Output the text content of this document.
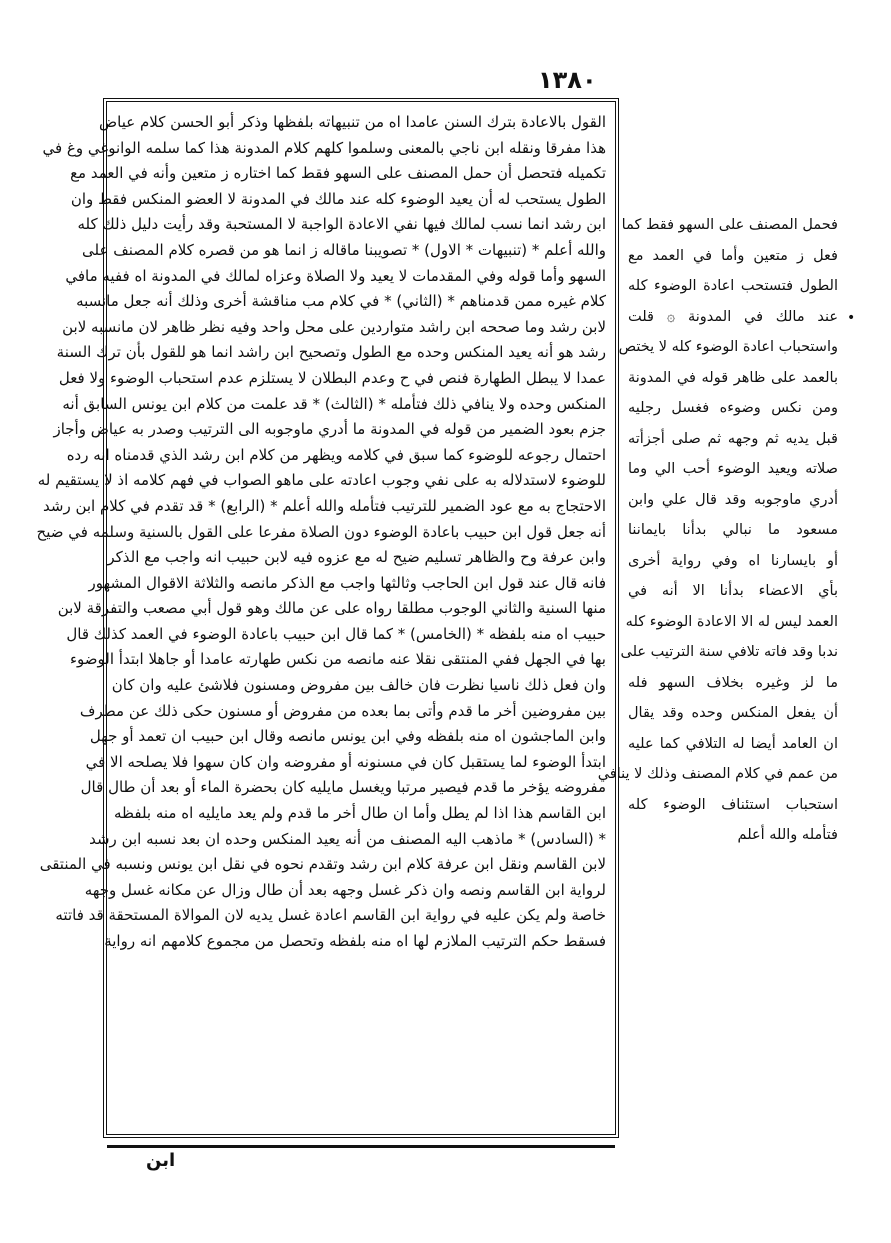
١٣٨٠

القول بالاعادة بترك السنن عامدا اه من تنبيهاته بلفظها وذكر أبو الحسن كلام عياض

هذا مفرقا ونقله ابن ناجي بالمعنى وسلموا كلهم كلام المدونة هذا كما سلمه الوانوغي وغ في

تكميله فتحصل أن حمل المصنف على السهو فقط كما اختاره ز متعين وأنه في العمد مع

الطول يستحب له أن يعيد الوضوء كله عند مالك في المدونة لا العضو المنكس فقط وان

ابن رشد انما نسب لمالك فيها نفي الاعادة الواجبة لا المستحبة وقد رأيت دليل ذلك كله

والله أعلم * (تنبيهات * الاول) * تصويبنا ماقاله ز انما هو من قصره كلام المصنف على

السهو وأما قوله وفي المقدمات لا يعيد ولا الصلاة وعزاه لمالك في المدونة اه ففيه مافي

كلام غيره ممن قدمناهم * (الثاني) * في كلام مب مناقشة أخرى وذلك أنه جعل مانسبه

لابن رشد وما صححه ابن راشد متواردين على محل واحد وفيه نظر ظاهر لان مانسبه لابن

رشد هو أنه يعيد المنكس وحده مع الطول وتصحيح ابن راشد انما هو للقول بأن ترك السنة

عمدا لا يبطل الطهارة فنص في ح وعدم البطلان لا يستلزم عدم استحباب الوضوء ولا فعل

المنكس وحده ولا ينافي ذلك فتأمله * (الثالث) * قد علمت من كلام ابن يونس السابق أنه

جزم بعود الضمير من قوله في المدونة ما أدري ماوجوبه الى الترتيب وصدر به عياض وأجاز

احتمال رجوعه للوضوء كما سبق في كلامه ويظهر من كلام ابن رشد الذي قدمناه انه رده

للوضوء لاستدلاله به على نفي وجوب اعادته على ماهو الصواب في فهم كلامه اذ لا يستقيم له

الاحتجاج به مع عود الضمير للترتيب فتأمله والله أعلم * (الرابع) * قد تقدم في كلام ابن رشد

أنه جعل قول ابن حبيب باعادة الوضوء دون الصلاة مفرعا على القول بالسنية وسلمه في ضيح

وابن عرفة وح والظاهر تسليم ضيح له مع عزوه فيه لابن حبيب انه واجب مع الذكر

فانه قال عند قول ابن الحاجب وثالثها واجب مع الذكر مانصه والثلاثة الاقوال المشهور

منها السنية والثاني الوجوب مطلقا رواه على عن مالك وهو قول أبي مصعب والتفرقة لابن

حبيب اه منه بلفظه * (الخامس) * كما قال ابن حبيب باعادة الوضوء في العمد كذلك قال

بها في الجهل ففي المنتقى نقلا عنه مانصه من نكس طهارته عامدا أو جاهلا ابتدأ الوضوء

وان فعل ذلك ناسيا نظرت فان خالف بين مفروض ومسنون فلاشئ عليه وان كان

بين مفروضين أخر ما قدم وأتى بما بعده من مفروض أو مسنون حكى ذلك عن مطرف

وابن الماجشون اه منه بلفظه وفي ابن يونس مانصه وقال ابن حبيب ان تعمد أو جهل

ابتدأ الوضوء لما يستقبل كان في مسنونه أو مفروضه وان كان سهوا فلا يصلحه الا في

مفروضه يؤخر ما قدم فيصير مرتبا ويغسل مايليه كان بحضرة الماء أو بعد أن طال قال

ابن القاسم هذا اذا لم يطل وأما ان طال أخر ما قدم ولم يعد مايليه اه منه بلفظه

* (السادس) * ماذهب اليه المصنف من أنه يعيد المنكس وحده ان بعد نسبه ابن رشد

لابن القاسم ونقل ابن عرفة كلام ابن رشد وتقدم نحوه في نقل ابن يونس ونسبه في المنتقى

لرواية ابن القاسم ونصه وان ذكر غسل وجهه بعد أن طال وزال عن مكانه غسل وجهه

خاصة ولم يكن عليه في رواية ابن القاسم اعادة غسل يديه لان الموالاة المستحقة قد فاتته

فسقط حكم الترتيب الملازم لها اه منه بلفظه وتحصل من مجموع كلامهم انه رواية

فحمل المصنف على السهو فقط كما

فعل ز متعين وأما في العمد مع

الطول فتستحب اعادة الوضوء كله

عند مالك في المدونة ۞ قلت

واستحباب اعادة الوضوء كله لا يختص

بالعمد على ظاهر قوله في المدونة

ومن نكس وضوءه فغسل رجليه

قبل يديه ثم وجهه ثم صلى أجزأته

صلاته ويعيد الوضوء أحب الي وما

أدري ماوجوبه وقد قال علي وابن

مسعود ما نبالي بدأنا بايماننا

أو بايسارنا اه وفي رواية أخرى

بأي الاعضاء بدأنا الا أنه في

العمد ليس له الا الاعادة الوضوء كله

ندبا وقد فاته تلافي سنة الترتيب على

ما لز وغيره بخلاف السهو فله

أن يفعل المنكس وحده وقد يقال

ان العامد أيضا له التلافي كما عليه

من عمم في كلام المصنف وذلك لا ينافي

استحباب استئناف الوضوء كله

فتأمله والله أعلم

•
ابن
